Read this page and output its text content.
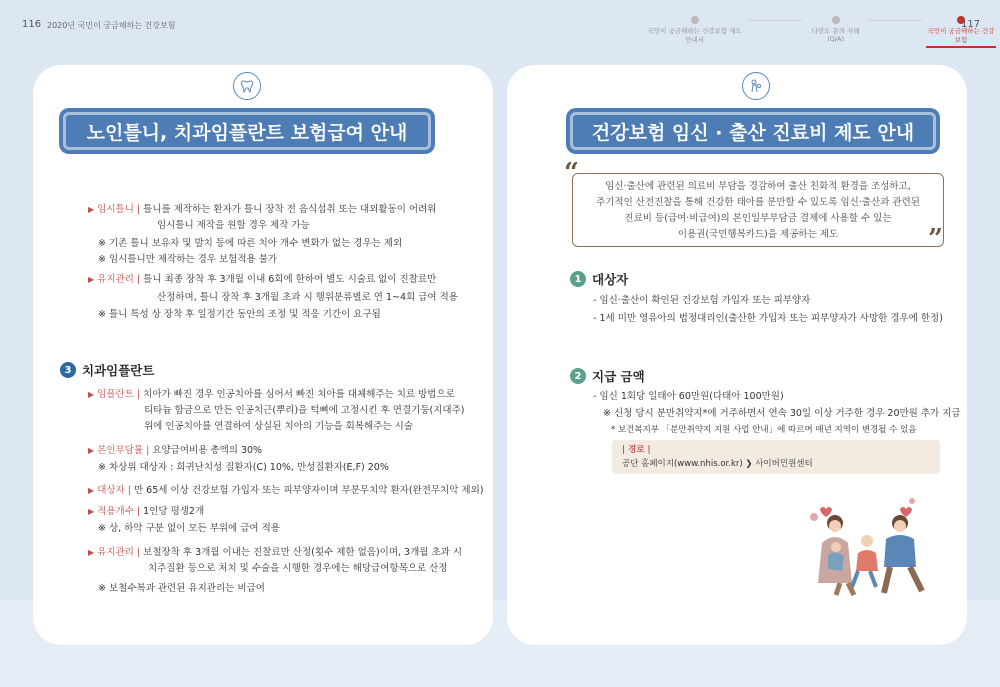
116 2020년 국민이 궁금해하는 건강보험
국민이 궁금해하는 건강보험 제도 안내서
다빈도 문의 사례 (Q/A)
국민이 궁금해하는 건강보험
117
노인틀니, 치과임플란트 보험급여 안내
▶ 임시틀니 | 틀니를 제작하는 환자가 틀니 장착 전 음식섭취 또는 대외활동이 어려워
임시틀니 제작을 원할 경우 제작 가능
※ 기존 틀니 보유자 및 발치 등에 따른 치아 개수 변화가 없는 경우는 제외
※ 임시틀니만 제작하는 경우 보험적용 불가
▶ 유지관리 | 틀니 최종 장착 후 3개월 이내 6회에 한하여 별도 시술료 없이 진찰료만
산정하며, 틀니 장착 후 3개월 초과 시 행위분류별로 연 1~4회 급여 적용
※ 틀니 특성 상 장착 후 일정기간 동안의 조정 및 적응 기간이 요구됨
3 치과임플란트
▶ 임플란트 | 치아가 빠진 경우 인공치아를 심어서 빠진 치아를 대체해주는 치료 방법으로
티타늄 합금으로 만든 인공치근(뿌리)을 턱뼈에 고정시킨 후 연결기둥(지대주)
위에 인공치아를 연결하여 상실된 치아의 기능을 회복해주는 시술
▶ 본인부담률 | 요양급여비용 총액의 30%
※ 차상위 대상자 : 희귀난치성 질환자(C) 10%, 만성질환자(E,F) 20%
▶ 대상자 | 만 65세 이상 건강보험 가입자 또는 피부양자이며 부분무치악 환자(완전무치악 제외)
▶ 적용개수 | 1인당 평생2개
※ 상, 하악 구분 없이 모든 부위에 급여 적용
▶ 유지관리 | 보철장착 후 3개월 이내는 진찰료만 산정(횟수 제한 없음)이며, 3개월 초과 시
치주질환 등으로 처치 및 수술을 시행한 경우에는 해당급여항목으로 산정
※ 보철수복과 관련된 유지관리는 비급여
건강보험 임신 · 출산 진료비 제도 안내
임신·출산에 관련된 의료비 부담을 경감하여 출산 친화적 환경을 조성하고,
주기적인 산전진찰을 통해 건강한 태아를 분만할 수 있도록 임신·출산과 관련된
진료비 등(급여·비급여)의 본인일부부담금 결제에 사용할 수 있는
이용권(국민행복카드)을 제공하는 제도
“
”
1 대상자
- 임신·출산이 확인된 건강보험 가입자 또는 피부양자
- 1세 미만 영유아의 법정대리인(출산한 가입자 또는 피부양자가 사망한 경우에 한정)
2 지급 금액
- 임신 1회당 일태아 60만원(다태아 100만원)
※ 신청 당시 분만취약지*에 거주하면서 연속 30일 이상 거주한 경우 20만원 추가 지급
* 보건복지부 「분만취약지 지원 사업 안내」에 따르며 매년 지역이 변경될 수 있음
| 경로 |
공단 홈페이지(www.nhis.or.kr) ❯ 사이버민원센터
